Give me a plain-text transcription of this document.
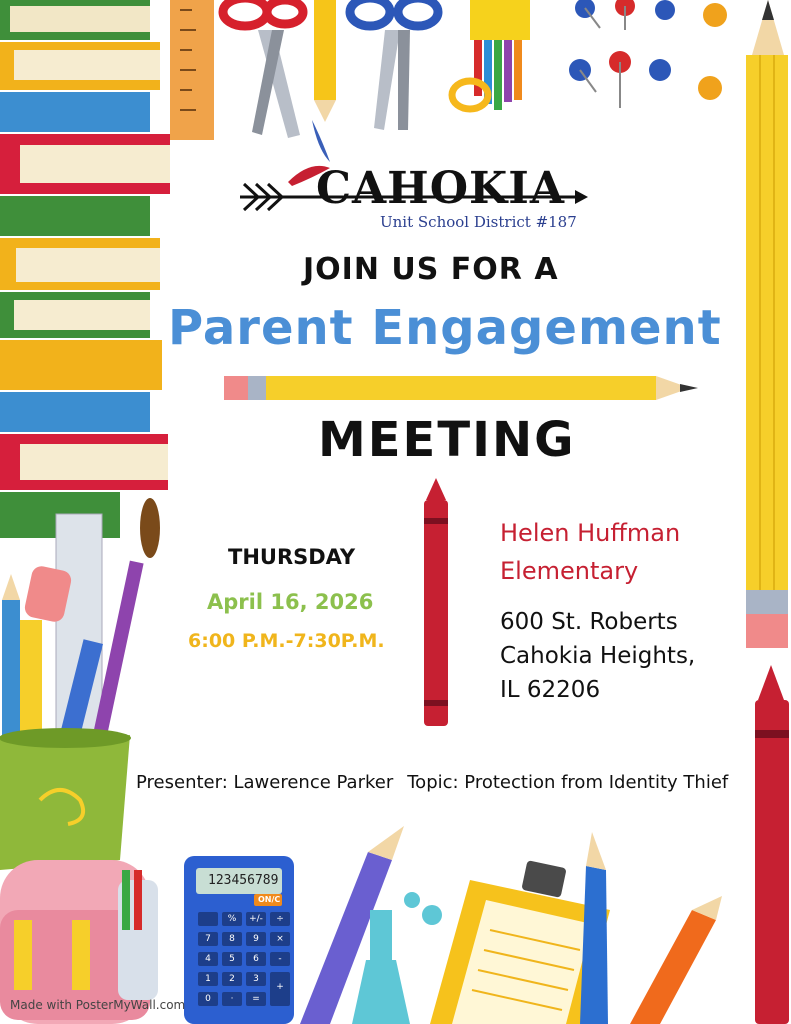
CAHOKIA
Unit School District #187
JOIN US FOR A
Parent Engagement
MEETING
THURSDAY
April 16, 2026
6:00 P.M.-7:30P.M.
Helen Huffman
Elementary
600 St. Roberts
Cahokia Heights,
IL 62206
Presenter: Lawerence Parker Topic: Protection from Identity Thief
123456789
ON/C
%	+/-	÷
7	8	9	×
4	5	6	-
1	2	3
+
0	·	=
Made with PosterMyWall.com
